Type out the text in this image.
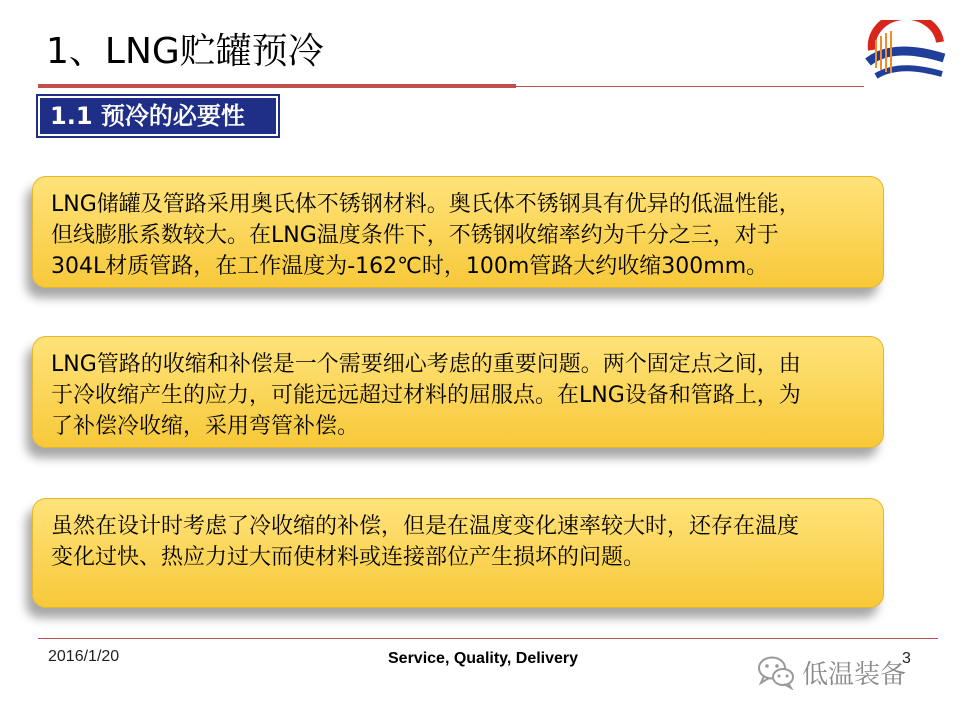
1、LNG贮罐预冷
1.1 预冷的必要性
LNG储罐及管路采用奥氏体不锈钢材料。奥氏体不锈钢具有优异的低温性能，
但线膨胀系数较大。在LNG温度条件下，不锈钢收缩率约为千分之三，对于
304L材质管路，在工作温度为-162℃时，100m管路大约收缩300mm。
LNG管路的收缩和补偿是一个需要细心考虑的重要问题。两个固定点之间，由
于冷收缩产生的应力，可能远远超过材料的屈服点。在LNG设备和管路上，为
了补偿冷收缩，采用弯管补偿。
虽然在设计时考虑了冷收缩的补偿，但是在温度变化速率较大时，还存在温度
变化过快、热应力过大而使材料或连接部位产生损坏的问题。
2016/1/20	Service, Quality, Delivery	3
低温装备
